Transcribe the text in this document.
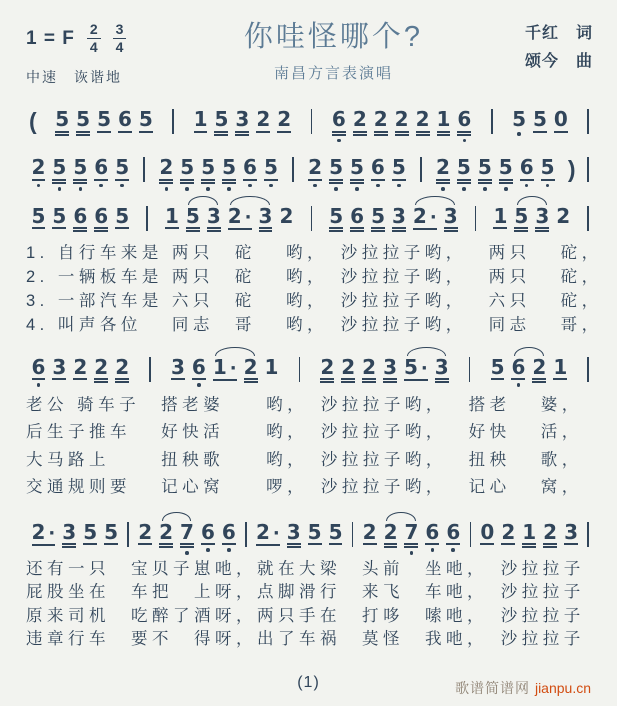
1 = F $\frac{2}{4} \frac{3}{4}$
中速　诙谐地
你哇怪哪个?
南昌方言表演唱
千红　词
颂今　曲
( 5 5 5 6 5 1 5 3 2 2 6 2 2 2 2 1 6 5 5 0
2 5 5 6 5 2 5 5 5 6 5 2 5 5 6 5 2 5 5 5 6 5 )
5 5 6 6 5 1 5 3 2 · 3 2 5 6 5 3 2 · 3 1 5 3 2
1. 自行车来是 两只　砣　 哟，　沙拉拉子哟，　 两只　 砣，
2. 一辆板车是 两只　砣　 哟，　沙拉拉子哟，　 两只　 砣，
3. 一部汽车是 六只　砣　 哟，　沙拉拉子哟，　 六只　 砣，
4. 叫声各位　 同志　哥　 哟，　沙拉拉子哟，　 同志　 哥，
6 3 2 2 2 3 6 1 · 2 1 2 2 2 3 5 · 3 5 6 2 1
老公 骑车子　搭老婆　　哟，　沙拉拉子哟，　 搭老　 婆，
后生子推车　 好快活　　哟，　沙拉拉子哟，　 好快　 活，
大马路上　　 扭秧歌　　哟，　沙拉拉子哟，　 扭秧　 歌，
交通规则要　 记心窝　　啰，　沙拉拉子哟，　 记心　 窝，
2 · 3 5 5 2 2 7 6 6 2 · 3 5 5 2 2 7 6 6 0 2 1 2 3
还有一只　宝贝子崽吔，就在大梁　头前　坐吔，　沙拉拉子
屁股坐在　车把　上呀，点脚滑行　来飞　车吔，　沙拉拉子
原来司机　吃醉了酒呀，两只手在　打哆　嗦吔，　沙拉拉子
违章行车　要不　得呀，出了车祸　莫怪　我吔，　沙拉拉子
(1)	歌谱简谱网 jianpu.cn
